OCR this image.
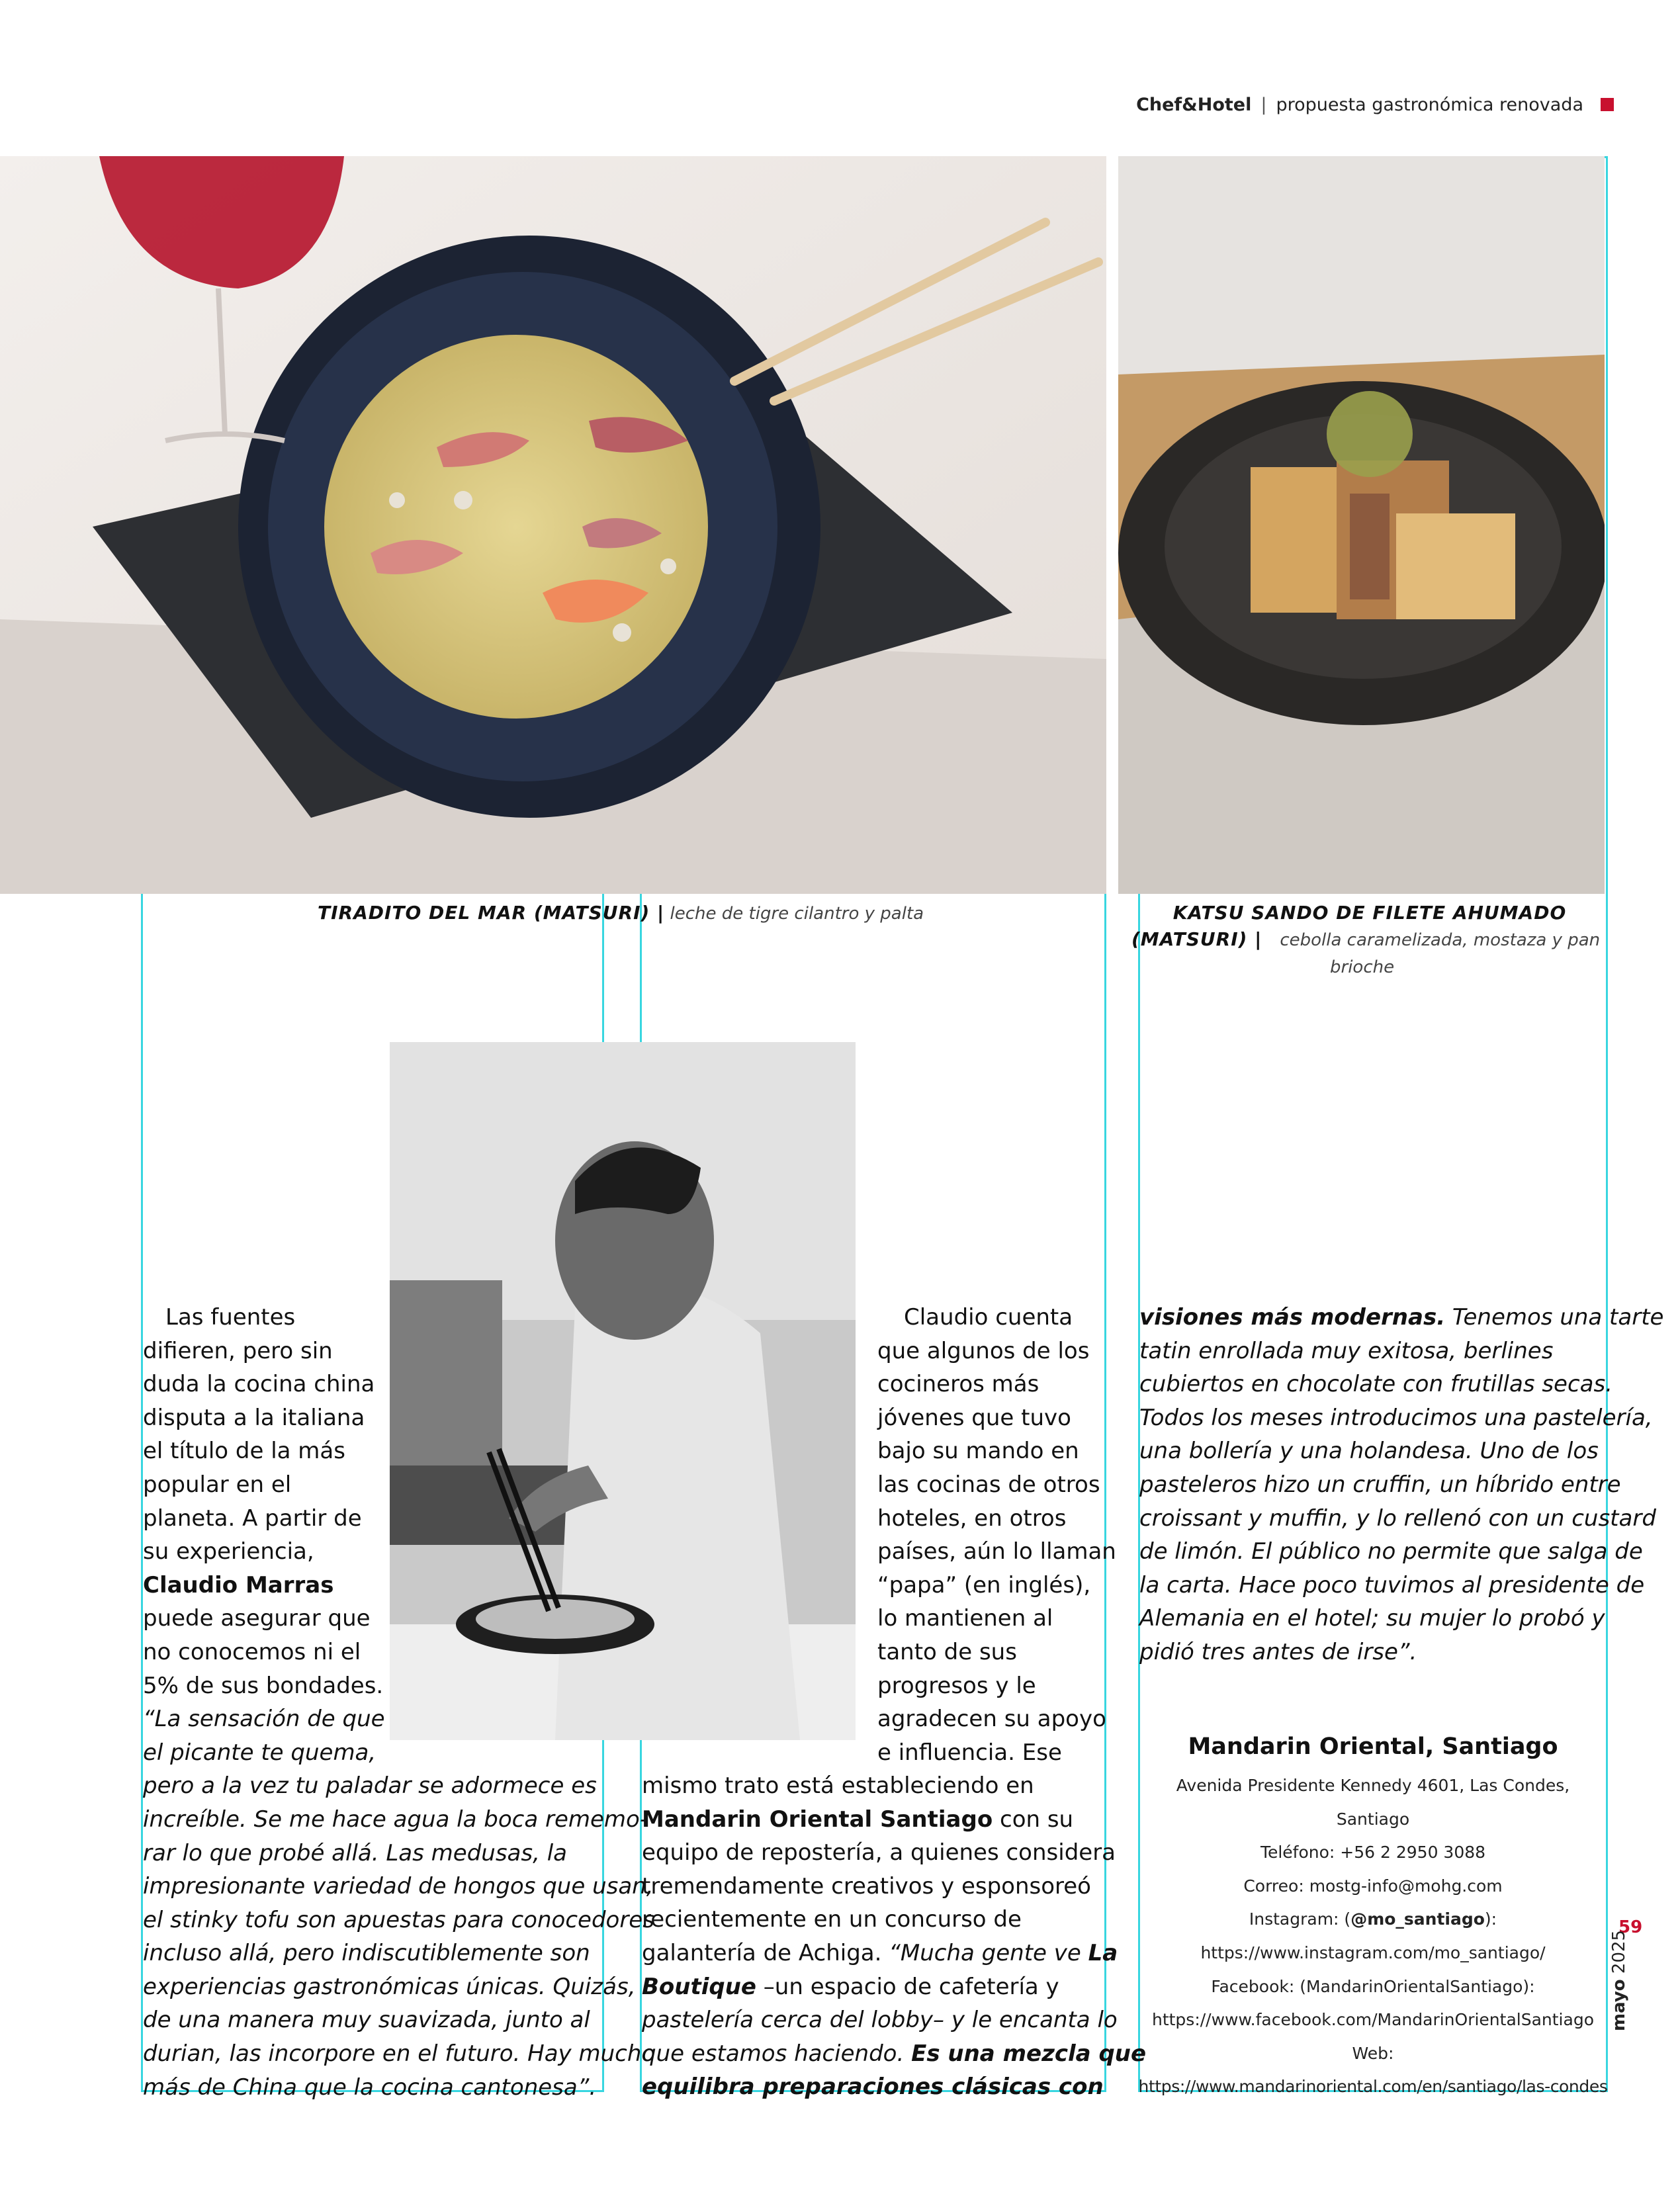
Chef&Hotel | propuesta gastronómica renovada
TIRADITO DEL MAR (MATSURI) | leche de tigre cilantro y palta	KATSU SANDO DE FILETE AHUMADO
(MATSURI) | cebolla caramelizada, mostaza y pan
brioche
Las fuentes
difieren, pero sin
duda la cocina china
disputa a la italiana
el título de la más
popular en el
planeta. A partir de
su experiencia,
Claudio Marras
puede asegurar que
no conocemos ni el
5% de sus bondades.
“La sensación de que
el picante te quema,
pero a la vez tu paladar se adormece es
increíble. Se me hace agua la boca rememo-
rar lo que probé allá. Las medusas, la
impresionante variedad de hongos que usan,
el stinky tofu son apuestas para conocedores
incluso allá, pero indiscutiblemente son
experiencias gastronómicas únicas. Quizás,
de una manera muy suavizada, junto al
durian, las incorpore en el futuro. Hay mucho
más de China que la cocina cantonesa”.
Claudio cuenta
que algunos de los
cocineros más
jóvenes que tuvo
bajo su mando en
las cocinas de otros
hoteles, en otros
países, aún lo llaman
“papa” (en inglés),
lo mantienen al
tanto de sus
progresos y le
agradecen su apoyo
e influencia. Ese
mismo trato está estableciendo en
Mandarin Oriental Santiago con su
equipo de repostería, a quienes considera
tremendamente creativos y esponsoreó
recientemente en un concurso de
galantería de Achiga. “Mucha gente ve La
Boutique –un espacio de cafetería y
pastelería cerca del lobby– y le encanta lo
que estamos haciendo. Es una mezcla que
equilibra preparaciones clásicas con
visiones más modernas. Tenemos una tarte
tatin enrollada muy exitosa, berlines
cubiertos en chocolate con frutillas secas.
Todos los meses introducimos una pastelería,
una bollería y una holandesa. Uno de los
pasteleros hizo un cruffin, un híbrido entre
croissant y muffin, y lo rellenó con un custard
de limón. El público no permite que salga de
la carta. Hace poco tuvimos al presidente de
Alemania en el hotel; su mujer lo probó y
pidió tres antes de irse”.
Mandarin Oriental, Santiago
Avenida Presidente Kennedy 4601, Las Condes, Santiago
Teléfono: +56 2 2950 3088
Correo: mostg-info@mohg.com
Instagram: (@mo_santiago):
https://www.instagram.com/mo_santiago/
Facebook: (MandarinOrientalSantiago):
https://www.facebook.com/MandarinOrientalSantiago
Web:
https://www.mandarinoriental.com/en/santiago/las-condes
59
mayo 2025
